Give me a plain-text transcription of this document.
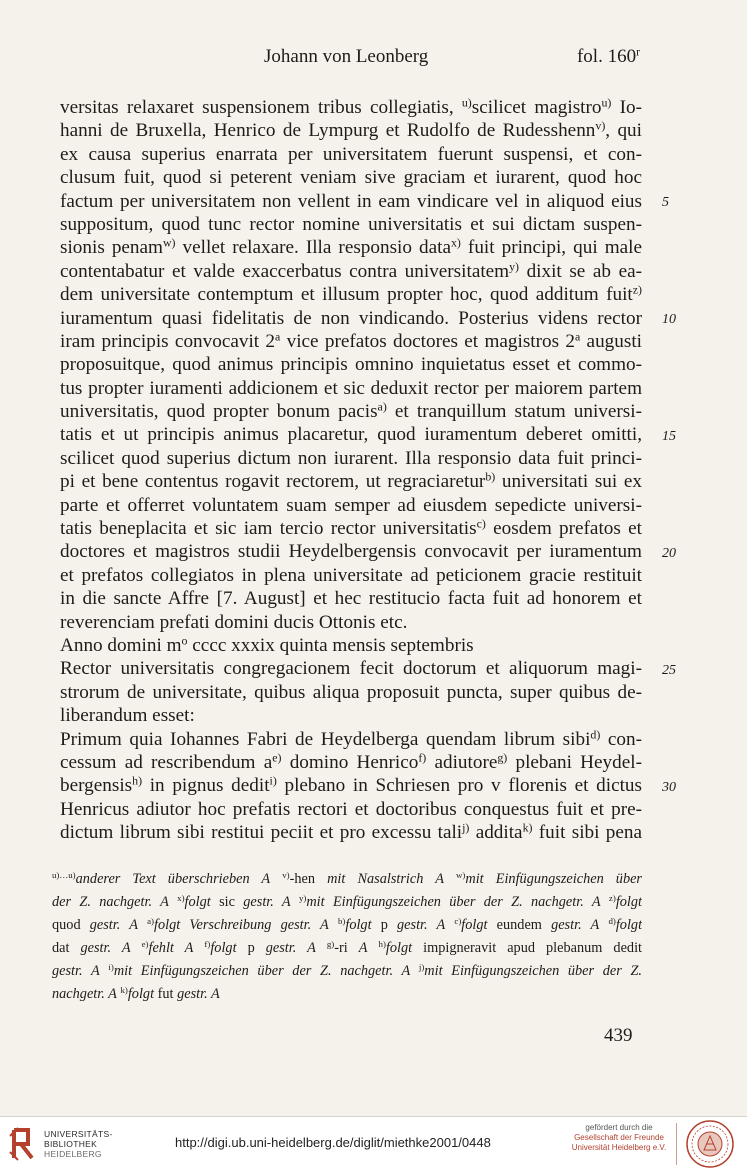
Johann von Leonberg	fol. 160$^r$
versitas relaxaret suspensionem tribus collegiatis, $^{u)}$scilicet magistro$^{u)}$ Io-
hanni de Bruxella, Henrico de Lympurg et Rudolfo de Rudesshenn$^{v)}$, qui
ex causa superius enarrata per universitatem fuerunt suspensi, et con-
clusum fuit, quod si peterent veniam sive graciam et iurarent, quod hoc
factum per universitatem non vellent in eam vindicare vel in aliquod eius
suppositum, quod tunc rector nomine universitatis et sui dictam suspen-
sionis penam$^{w)}$ vellet relaxare. Illa responsio data$^{x)}$ fuit principi, qui male
contentabatur et valde exaccerbatus contra universitatem$^{y)}$ dixit se ab ea-
dem universitate contemptum et illusum propter hoc, quod additum fuit$^{z)}$
iuramentum quasi fidelitatis de non vindicando. Posterius videns rector
iram principis convocavit 2$^a$ vice prefatos doctores et magistros 2$^a$ augusti
proposuitque, quod animus principis omnino inquietatus esset et commo-
tus propter iuramenti addicionem et sic deduxit rector per maiorem partem
universitatis, quod propter bonum pacis$^{a)}$ et tranquillum statum universi-
tatis et ut principis animus placaretur, quod iuramentum deberet omitti,
scilicet quod superius dictum non iurarent. Illa responsio data fuit princi-
pi et bene contentus rogavit rectorem, ut regraciaretur$^{b)}$ universitati sui ex
parte et offerret voluntatem suam semper ad eiusdem sepedicte universi-
tatis beneplacita et sic iam tercio rector universitatis$^{c)}$ eosdem prefatos et
doctores et magistros studii Heydelbergensis convocavit per iuramentum
et prefatos collegiatos in plena universitate ad peticionem gracie restituit
in die sancte Affre [7. August] et hec restitucio facta fuit ad honorem et
reverenciam prefati domini ducis Ottonis etc.
Anno domini $m^o$ cccc xxxix quinta mensis septembris
Rector universitatis congregacionem fecit doctorum et aliquorum magi-
strorum de universitate, quibus aliqua proposuit puncta, super quibus de-
liberandum esset:
Primum quia Iohannes Fabri de Heydelberga quendam librum sibi$^{d)}$ con-
cessum ad rescribendum $a^{e)}$ domino Henrico$^{f)}$ adiutore$^{g)}$ plebani Heydel-
bergensis$^{h)}$ in pignus dedit$^{i)}$ plebano in Schriesen pro v florenis et dictus
Henricus adiutor hoc prefatis rectori et doctoribus conquestus fuit et pre-
dictum librum sibi restitui peciit et pro excessu tali$^{j)}$ addita$^{k)}$ fuit sibi pena
5
10
15
20
25
30
$^{u)\dots u)}$anderer Text überschrieben A $^{v)}$-hen mit Nasalstrich A $^{w)}$mit Einfügungszeichen über
der Z. nachgetr. A $^{x)}$folgt sic gestr. A $^{y)}$mit Einfügungszeichen über der Z. nachgetr. A $^{z)}$folgt
quod gestr. A $^{a)}$folgt Verschreibung gestr. A $^{b)}$folgt p gestr. A $^{c)}$folgt eundem gestr. A $^{d)}$folgt
dat gestr. A $^{e)}$fehlt A $^{f)}$folgt p gestr. A $^{g)}$-ri A $^{h)}$folgt impigneravit apud plebanum dedit
gestr. A $^{i)}$mit Einfügungszeichen über der Z. nachgetr. A $^{j)}$mit Einfügungszeichen über der Z.
nachgetr. A $^{k)}$folgt fut gestr. A
439
UNIVERSITÄTS-
BIBLIOTHEK
HEIDELBERG
http://digi.ub.uni-heidelberg.de/diglit/miethke2001/0448
gefördert durch die
Gesellschaft der Freunde
Universität Heidelberg e.V.
